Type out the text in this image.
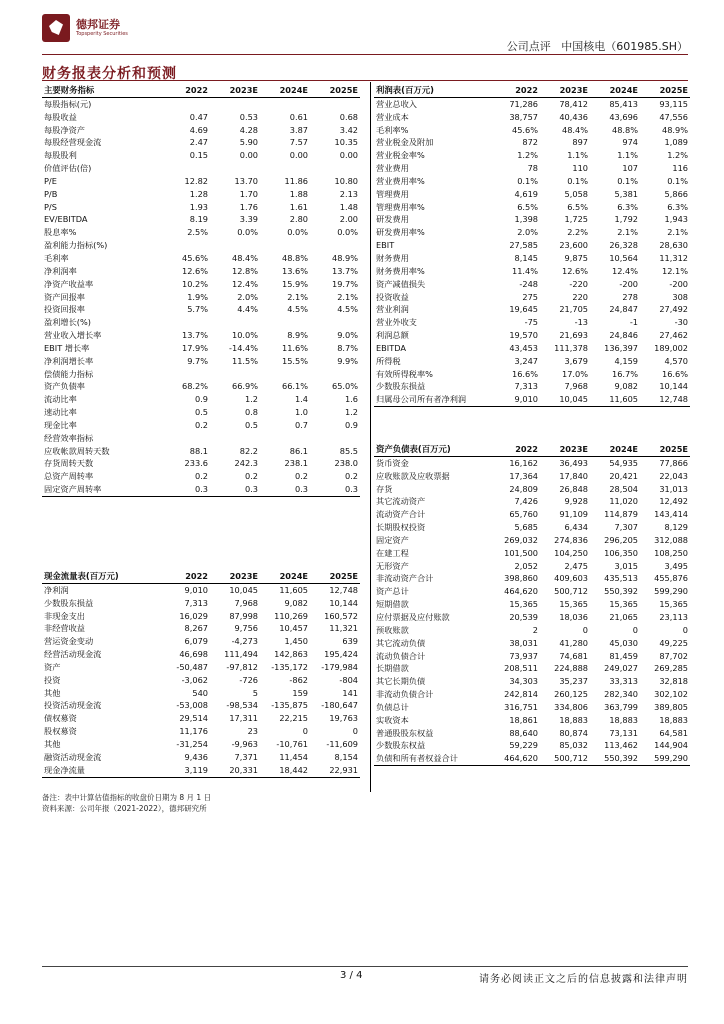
德邦证券
Topsperity Securities
公司点评 中国核电（601985.SH）
财务报表分析和预测
主要财务指标	2022	2023E	2024E	2025E
每股指标(元)				
每股收益	0.47	0.53	0.61	0.68
每股净资产	4.69	4.28	3.87	3.42
每股经营现金流	2.47	5.90	7.57	10.35
每股股利	0.15	0.00	0.00	0.00
价值评估(倍)				
P/E	12.82	13.70	11.86	10.80
P/B	1.28	1.70	1.88	2.13
P/S	1.93	1.76	1.61	1.48
EV/EBITDA	8.19	3.39	2.80	2.00
股息率%	2.5%	0.0%	0.0%	0.0%
盈利能力指标(%)				
毛利率	45.6%	48.4%	48.8%	48.9%
净利润率	12.6%	12.8%	13.6%	13.7%
净资产收益率	10.2%	12.4%	15.9%	19.7%
资产回报率	1.9%	2.0%	2.1%	2.1%
投资回报率	5.7%	4.4%	4.5%	4.5%
盈利增长(%)				
营业收入增长率	13.7%	10.0%	8.9%	9.0%
EBIT 增长率	17.9%	-14.4%	11.6%	8.7%
净利润增长率	9.7%	11.5%	15.5%	9.9%
偿债能力指标				
资产负债率	68.2%	66.9%	66.1%	65.0%
流动比率	0.9	1.2	1.4	1.6
速动比率	0.5	0.8	1.0	1.2
现金比率	0.2	0.5	0.7	0.9
经营效率指标				
应收帐款周转天数	88.1	82.2	86.1	85.5
存货周转天数	233.6	242.3	238.1	238.0
总资产周转率	0.2	0.2	0.2	0.2
固定资产周转率	0.3	0.3	0.3	0.3
现金流量表(百万元)	2022	2023E	2024E	2025E
净利润	9,010	10,045	11,605	12,748
少数股东损益	7,313	7,968	9,082	10,144
非现金支出	16,029	87,998	110,269	160,572
非经营收益	8,267	9,756	10,457	11,321
营运资金变动	6,079	-4,273	1,450	639
经营活动现金流	46,698	111,494	142,863	195,424
资产	-50,487	-97,812	-135,172	-179,984
投资	-3,062	-726	-862	-804
其他	540	5	159	141
投资活动现金流	-53,008	-98,534	-135,875	-180,647
债权募资	29,514	17,311	22,215	19,763
股权募资	11,176	23	0	0
其他	-31,254	-9,963	-10,761	-11,609
融资活动现金流	9,436	7,371	11,454	8,154
现金净流量	3,119	20,331	18,442	22,931
利润表(百万元)	2022	2023E	2024E	2025E
营业总收入	71,286	78,412	85,413	93,115
营业成本	38,757	40,436	43,696	47,556
毛利率%	45.6%	48.4%	48.8%	48.9%
营业税金及附加	872	897	974	1,089
营业税金率%	1.2%	1.1%	1.1%	1.2%
营业费用	78	110	107	116
营业费用率%	0.1%	0.1%	0.1%	0.1%
管理费用	4,619	5,058	5,381	5,866
管理费用率%	6.5%	6.5%	6.3%	6.3%
研发费用	1,398	1,725	1,792	1,943
研发费用率%	2.0%	2.2%	2.1%	2.1%
EBIT	27,585	23,600	26,328	28,630
财务费用	8,145	9,875	10,564	11,312
财务费用率%	11.4%	12.6%	12.4%	12.1%
资产减值损失	-248	-220	-200	-200
投资收益	275	220	278	308
营业利润	19,645	21,705	24,847	27,492
营业外收支	-75	-13	-1	-30
利润总额	19,570	21,693	24,846	27,462
EBITDA	43,453	111,378	136,397	189,002
所得税	3,247	3,679	4,159	4,570
有效所得税率%	16.6%	17.0%	16.7%	16.6%
少数股东损益	7,313	7,968	9,082	10,144
归属母公司所有者净利润	9,010	10,045	11,605	12,748
资产负债表(百万元)	2022	2023E	2024E	2025E
货币资金	16,162	36,493	54,935	77,866
应收账款及应收票据	17,364	17,840	20,421	22,043
存货	24,809	26,848	28,504	31,013
其它流动资产	7,426	9,928	11,020	12,492
流动资产合计	65,760	91,109	114,879	143,414
长期股权投资	5,685	6,434	7,307	8,129
固定资产	269,032	274,836	296,205	312,088
在建工程	101,500	104,250	106,350	108,250
无形资产	2,052	2,475	3,015	3,495
非流动资产合计	398,860	409,603	435,513	455,876
资产总计	464,620	500,712	550,392	599,290
短期借款	15,365	15,365	15,365	15,365
应付票据及应付账款	20,539	18,036	21,065	23,113
预收账款	2	0	0	0
其它流动负债	38,031	41,280	45,030	49,225
流动负债合计	73,937	74,681	81,459	87,702
长期借款	208,511	224,888	249,027	269,285
其它长期负债	34,303	35,237	33,313	32,818
非流动负债合计	242,814	260,125	282,340	302,102
负债总计	316,751	334,806	363,799	389,805
实收资本	18,861	18,883	18,883	18,883
普通股股东权益	88,640	80,874	73,131	64,581
少数股东权益	59,229	85,032	113,462	144,904
负债和所有者权益合计	464,620	500,712	550,392	599,290
备注：表中计算估值指标的收盘价日期为 8 月 1 日
资料来源：公司年报（2021-2022），德邦研究所
3 / 4	请务必阅读正文之后的信息披露和法律声明
